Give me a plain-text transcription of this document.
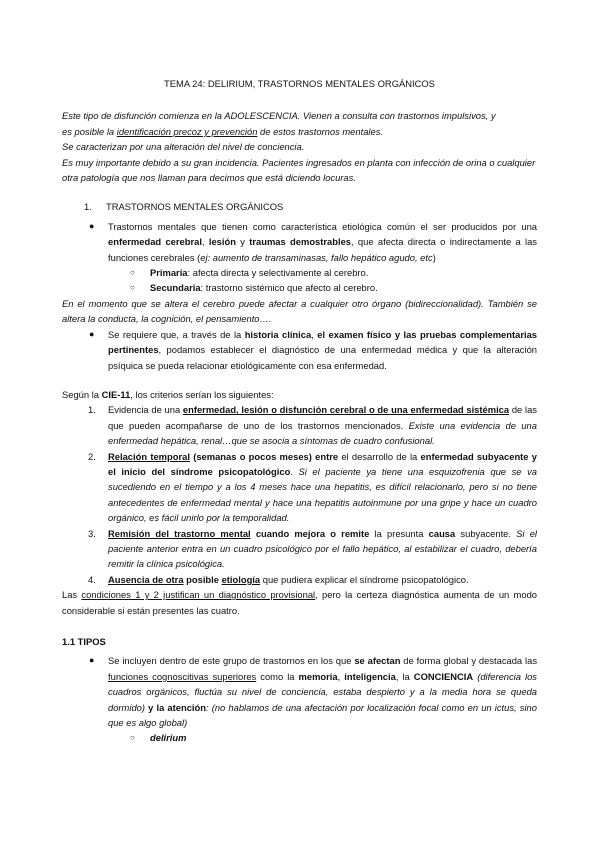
TEMA 24: DELIRIUM, TRASTORNOS MENTALES ORGÁNICOS

Este tipo de disfunción comienza en la ADOLESCENCIA. Vienen a consulta con trastornos impulsivos, y

es posible la identificación precoz y prevención de estos trastornos mentales.

Se caracterizan por una alteración del nivel de conciencia.

Es muy importante debido a su gran incidencia. Pacientes ingresados en planta con infección de orina o cualquier otra patología que nos llaman para decimos que está diciendo locuras.

1. TRASTORNOS MENTALES ORGÁNICOS

● Trastornos mentales que tienen como característica etiológica común el ser producidos por una enfermedad cerebral, lesión y traumas demostrables, que afecta directa o indirectamente a las funciones cerebrales (ej: aumento de transaminasas, fallo hepático agudo, etc)

○ Primaria: afecta directa y selectivamente al cerebro.

○ Secundaria: trastorno sistémico que afecto al cerebro.

En el momento que se altera el cerebro puede afectar a cualquier otro órgano (bidireccionalidad). También se altera la conducta, la cognición, el pensamiento….

● Se requiere que, a través de la historia clínica, el examen físico y las pruebas complementarias pertinentes, podamos establecer el diagnóstico de una enfermedad médica y que la alteración psíquica se pueda relacionar etiológicamente con esa enfermedad.

Según la CIE-11, los criterios serían los siguientes:

1. Evidencia de una enfermedad, lesión o disfunción cerebral o de una enfermedad sistémica de las que pueden acompañarse de uno de los trastornos mencionados. Existe una evidencia de una enfermedad hepática, renal…que se asocia a síntomas de cuadro confusional.

2. Relación temporal (semanas o pocos meses) entre el desarrollo de la enfermedad subyacente y el inicio del síndrome psicopatológico. Si el paciente ya tiene una esquizofrenia que se va sucediendo en el tiempo y a los 4 meses hace una hepatitis, es difícil relacionarlo, pero si no tiene antecedentes de enfermedad mental y hace una hepatitis autoinmune por una gripe y hace un cuadro orgánico, es fácil unirlo por la temporalidad.

3. Remisión del trastorno mental cuando mejora o remite la presunta causa subyacente. Si el paciente anterior entra en un cuadro psicológico por el fallo hepático, al estabilizar el cuadro, debería remitir la clínica psicológica.

4. Ausencia de otra posible etiología que pudiera explicar el síndrome psicopatológico.

Las condiciones 1 y 2 justifican un diagnóstico provisional, pero la certeza diagnóstica aumenta de un modo considerable si están presentes las cuatro.

1.1 TIPOS

● Se incluyen dentro de este grupo de trastornos en los que se afectan de forma global y destacada las funciones cognoscitivas superiores como la memoria, inteligencia, la CONCIENCIA (diferencia los cuadros orgánicos, fluctúa su nivel de conciencia, estaba despierto y a la media hora se queda dormido) y la atención: (no hablamos de una afectación por localización focal como en un ictus, sino que es algo global)

○ delirium
